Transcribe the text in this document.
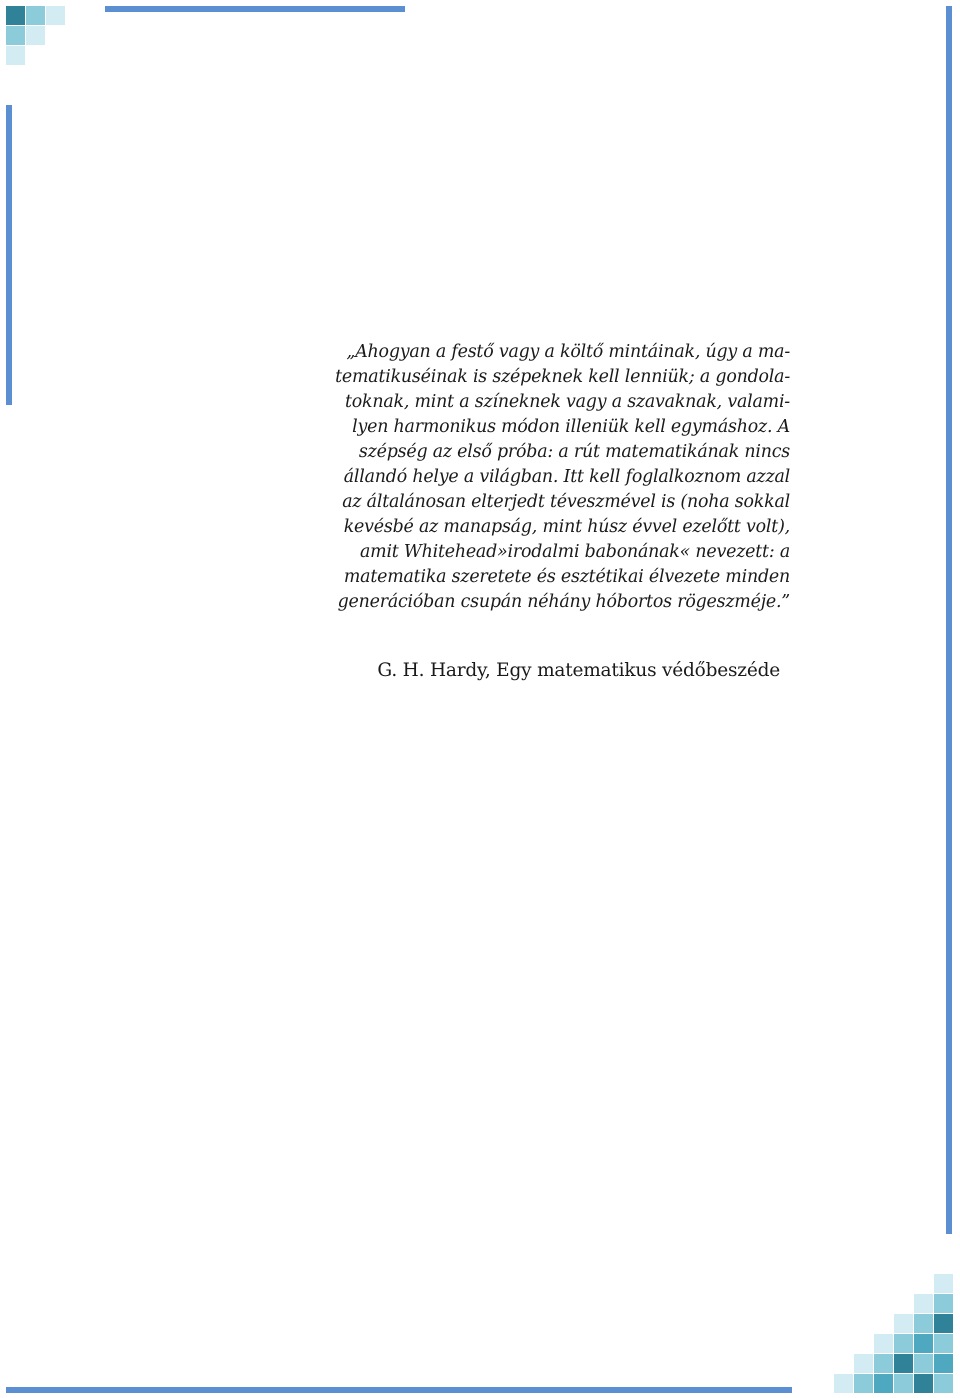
„Ahogyan a festő vagy a költő mintáinak, úgy a ma-
tematikuséinak is szépeknek kell lenniük; a gondola-
toknak, mint a színeknek vagy a szavaknak, valami-
lyen harmonikus módon illeniük kell egymáshoz. A
szépség az első próba: a rút matematikának nincs
állandó helye a világban. Itt kell foglalkoznom azzal
az általánosan elterjedt téveszmével is (noha sokkal
kevésbé az manapság, mint húsz évvel ezelőtt volt),
amit Whitehead»irodalmi babonának« nevezett: a
matematika szeretete és esztétikai élvezete minden
generációban csupán néhány hóbortos rögeszméje.”

G. H. Hardy, Egy matematikus védőbeszéde
